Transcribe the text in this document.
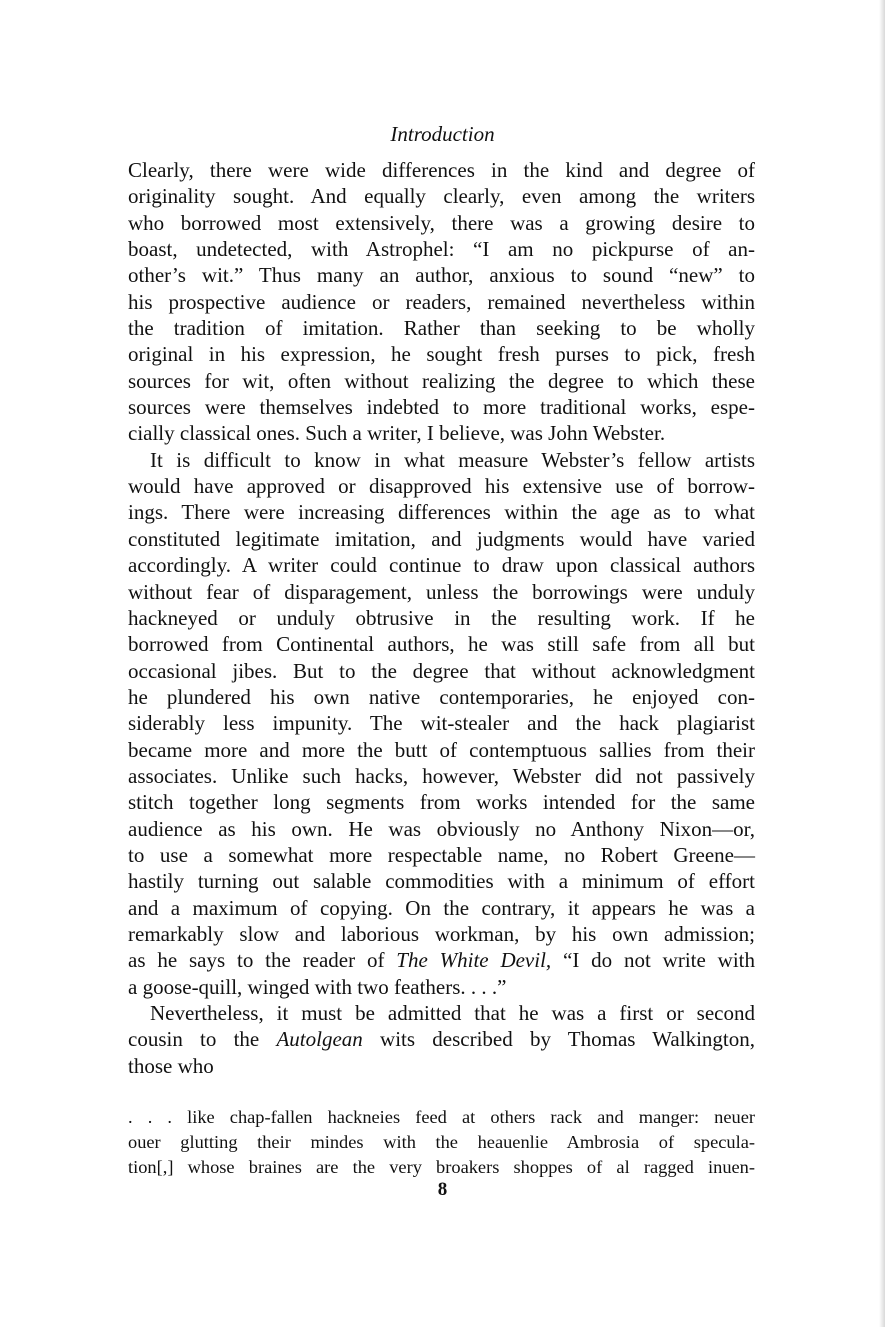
Introduction
Clearly, there were wide differences in the kind and degree of
originality sought. And equally clearly, even among the writers
who borrowed most extensively, there was a growing desire to
boast, undetected, with Astrophel: “I am no pickpurse of an-
other’s wit.” Thus many an author, anxious to sound “new” to
his prospective audience or readers, remained nevertheless within
the tradition of imitation. Rather than seeking to be wholly
original in his expression, he sought fresh purses to pick, fresh
sources for wit, often without realizing the degree to which these
sources were themselves indebted to more traditional works, espe-
cially classical ones. Such a writer, I believe, was John Webster.
It is difficult to know in what measure Webster’s fellow artists
would have approved or disapproved his extensive use of borrow-
ings. There were increasing differences within the age as to what
constituted legitimate imitation, and judgments would have varied
accordingly. A writer could continue to draw upon classical authors
without fear of disparagement, unless the borrowings were unduly
hackneyed or unduly obtrusive in the resulting work. If he
borrowed from Continental authors, he was still safe from all but
occasional jibes. But to the degree that without acknowledgment
he plundered his own native contemporaries, he enjoyed con-
siderably less impunity. The wit-stealer and the hack plagiarist
became more and more the butt of contemptuous sallies from their
associates. Unlike such hacks, however, Webster did not passively
stitch together long segments from works intended for the same
audience as his own. He was obviously no Anthony Nixon—or,
to use a somewhat more respectable name, no Robert Greene—
hastily turning out salable commodities with a minimum of effort
and a maximum of copying. On the contrary, it appears he was a
remarkably slow and laborious workman, by his own admission;
as he says to the reader of The White Devil, “I do not write with
a goose-quill, winged with two feathers. . . .”
Nevertheless, it must be admitted that he was a first or second
cousin to the Autolgean wits described by Thomas Walkington,
those who
. . . like chap-fallen hackneies feed at others rack and manger: neuer
ouer glutting their mindes with the heauenlie Ambrosia of specula-
tion[,] whose braines are the very broakers shoppes of al ragged inuen-
8
